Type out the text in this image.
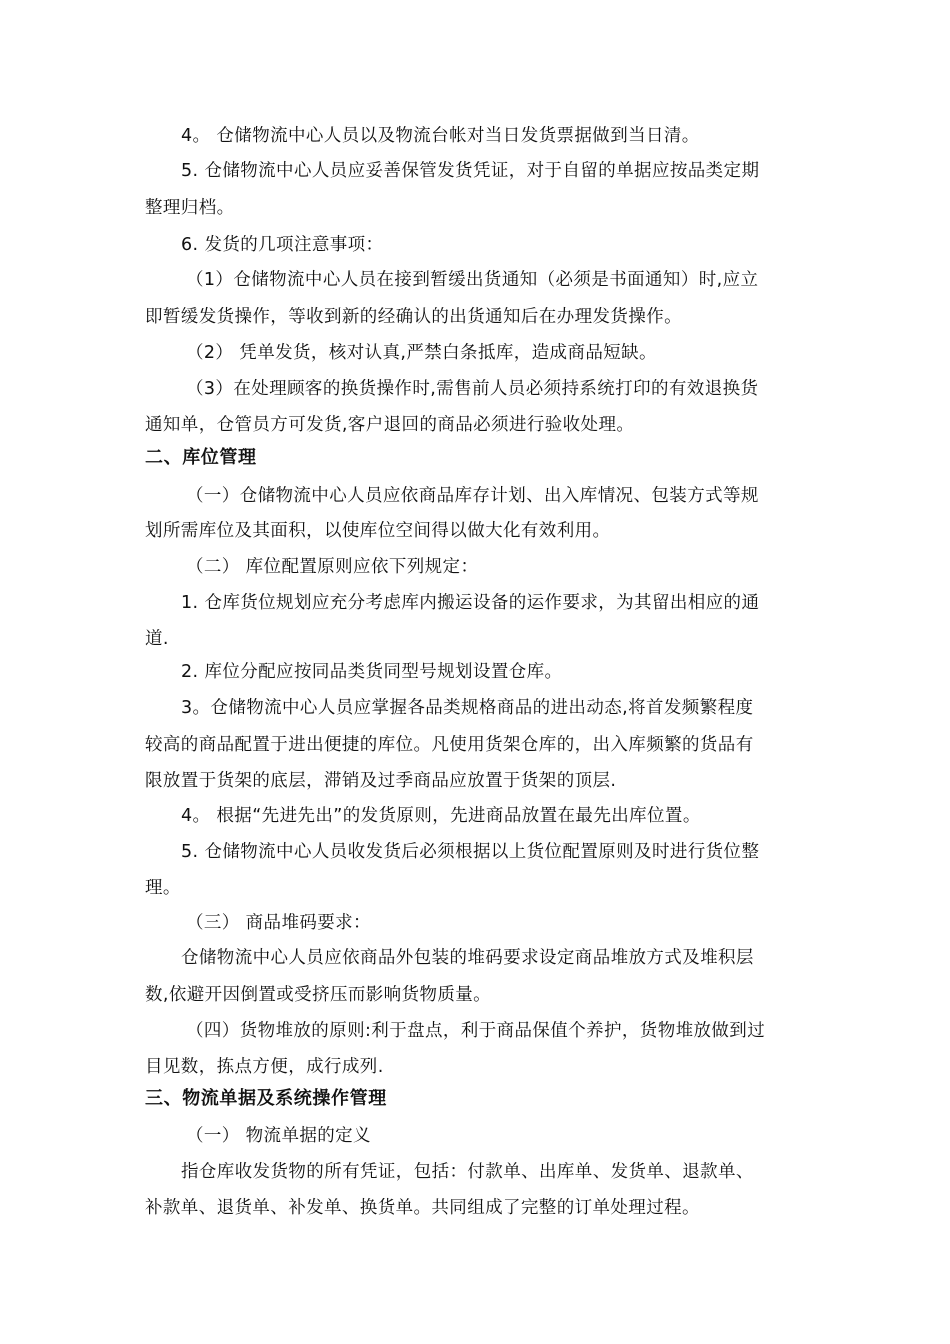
4。 仓储物流中心人员以及物流台帐对当日发货票据做到当日清。
5. 仓储物流中心人员应妥善保管发货凭证，对于自留的单据应按品类定期
整理归档。
6. 发货的几项注意事项：
（1）仓储物流中心人员在接到暂缓出货通知（必须是书面通知）时,应立
即暂缓发货操作，等收到新的经确认的出货通知后在办理发货操作。
（2） 凭单发货，核对认真,严禁白条抵库，造成商品短缺。
（3）在处理顾客的换货操作时,需售前人员必须持系统打印的有效退换货
通知单，仓管员方可发货,客户退回的商品必须进行验收处理。
二、库位管理
（一）仓储物流中心人员应依商品库存计划、出入库情况、包装方式等规
划所需库位及其面积，以使库位空间得以做大化有效利用。
（二） 库位配置原则应依下列规定：
1. 仓库货位规划应充分考虑库内搬运设备的运作要求，为其留出相应的通
道.
2. 库位分配应按同品类货同型号规划设置仓库。
3。仓储物流中心人员应掌握各品类规格商品的进出动态,将首发频繁程度
较高的商品配置于进出便捷的库位。凡使用货架仓库的，出入库频繁的货品有
限放置于货架的底层，滞销及过季商品应放置于货架的顶层.
4。 根据“先进先出”的发货原则，先进商品放置在最先出库位置。
5. 仓储物流中心人员收发货后必须根据以上货位配置原则及时进行货位整
理。
（三） 商品堆码要求：
仓储物流中心人员应依商品外包装的堆码要求设定商品堆放方式及堆积层
数,依避开因倒置或受挤压而影响货物质量。
（四）货物堆放的原则:利于盘点，利于商品保值个养护，货物堆放做到过
目见数，拣点方便，成行成列.
三、物流单据及系统操作管理
（一） 物流单据的定义
指仓库收发货物的所有凭证，包括：付款单、出库单、发货单、退款单、
补款单、退货单、补发单、换货单。共同组成了完整的订单处理过程。
